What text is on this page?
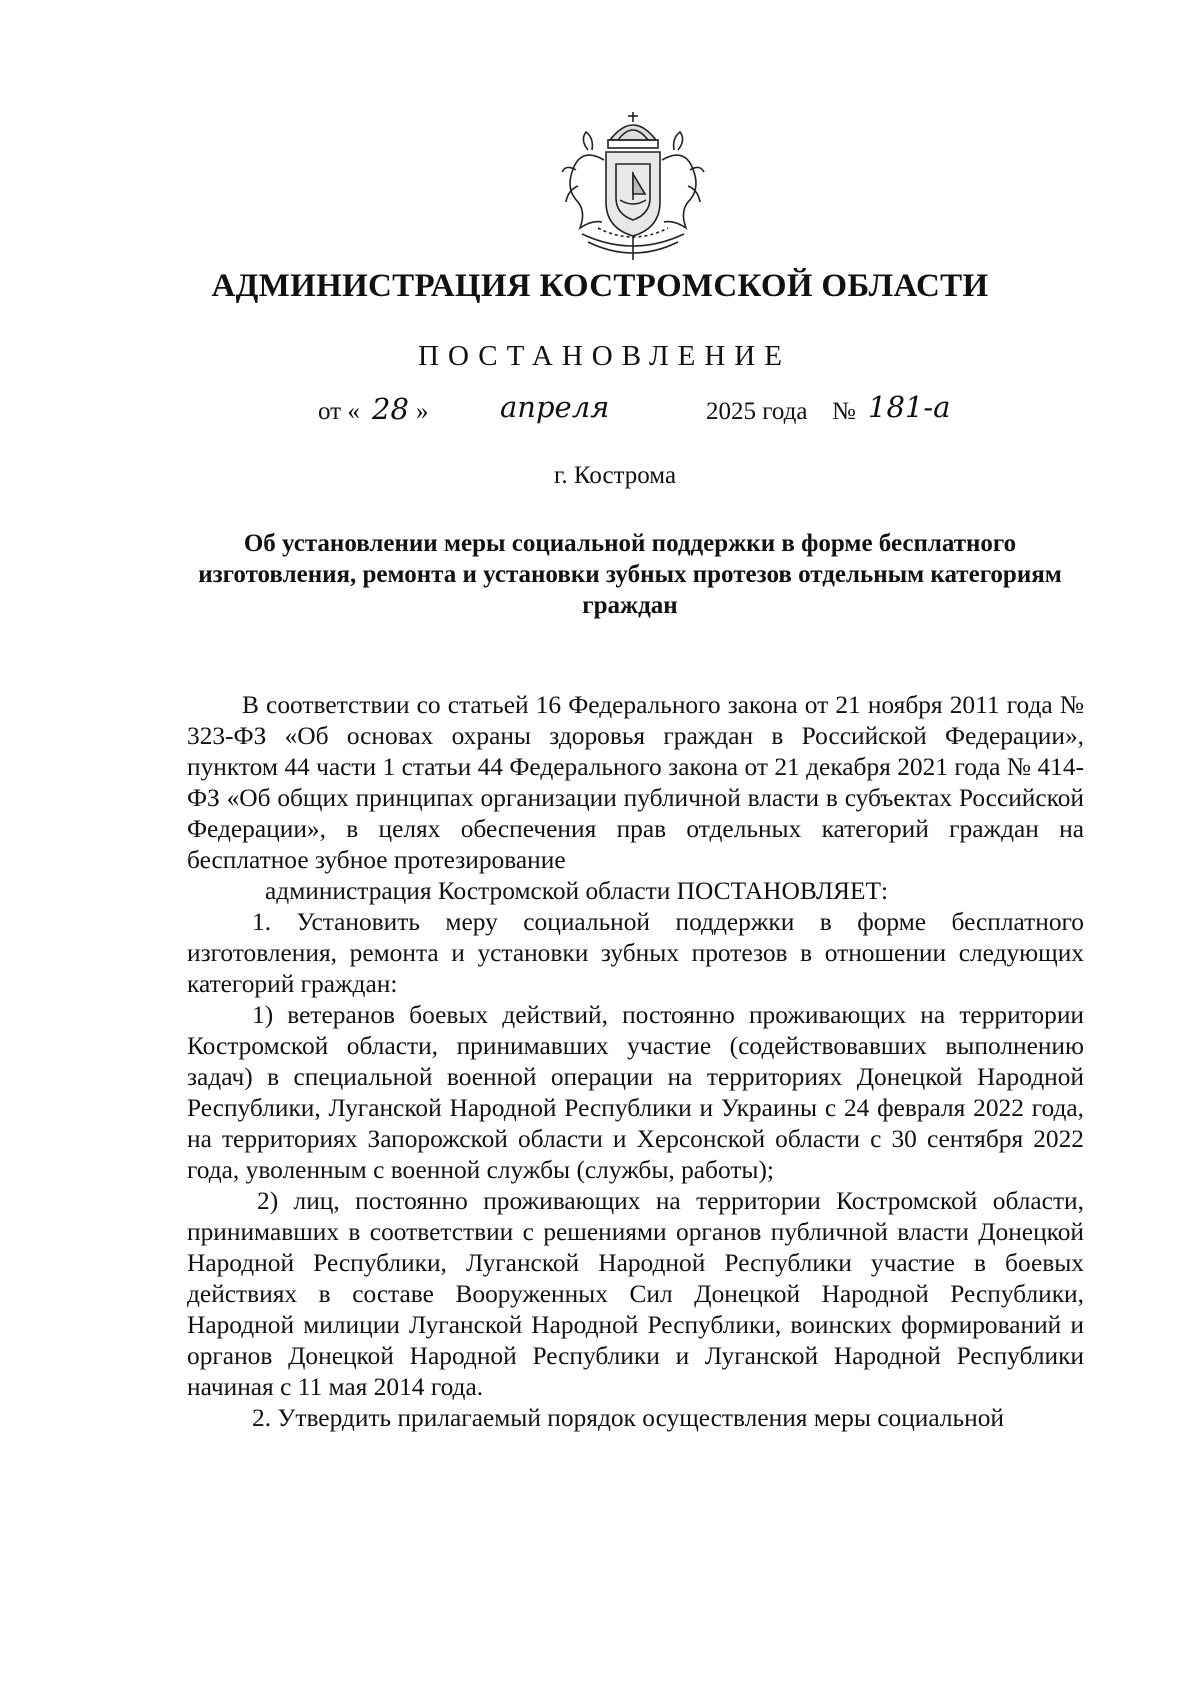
АДМИНИСТРАЦИЯ КОСТРОМСКОЙ ОБЛАСТИ
ПОСТАНОВЛЕНИЕ
от « 28 » апреля	2025 года № 181-а
г. Кострома
Об установлении меры социальной поддержки в форме бесплатного изготовления, ремонта и установки зубных протезов отдельным категориям граждан

В соответствии со статьей 16 Федерального закона от 21 ноября 2011 года № 323-ФЗ «Об основах охраны здоровья граждан в Российской Федерации», пунктом 44 части 1 статьи 44 Федерального закона от 21 декабря 2021 года № 414-ФЗ «Об общих принципах организации публичной власти в субъектах Российской Федерации», в целях обеспечения прав отдельных категорий граждан на бесплатное зубное протезирование

администрация Костромской области ПОСТАНОВЛЯЕТ:

1. Установить меру социальной поддержки в форме бесплатного изготовления, ремонта и установки зубных протезов в отношении следующих категорий граждан:

1) ветеранов боевых действий, постоянно проживающих на территории Костромской области, принимавших участие (содействовавших выполнению задач) в специальной военной операции на территориях Донецкой Народной Республики, Луганской Народной Республики и Украины с 24 февраля 2022 года, на территориях Запорожской области и Херсонской области с 30 сентября 2022 года, уволенным с военной службы (службы, работы);

2) лиц, постоянно проживающих на территории Костромской области, принимавших в соответствии с решениями органов публичной власти Донецкой Народной Республики, Луганской Народной Республики участие в боевых действиях в составе Вооруженных Сил Донецкой Народной Республики, Народной милиции Луганской Народной Республики, воинских формирований и органов Донецкой Народной Республики и Луганской Народной Республики начиная с 11 мая 2014 года.

2. Утвердить прилагаемый порядок осуществления меры социальной
